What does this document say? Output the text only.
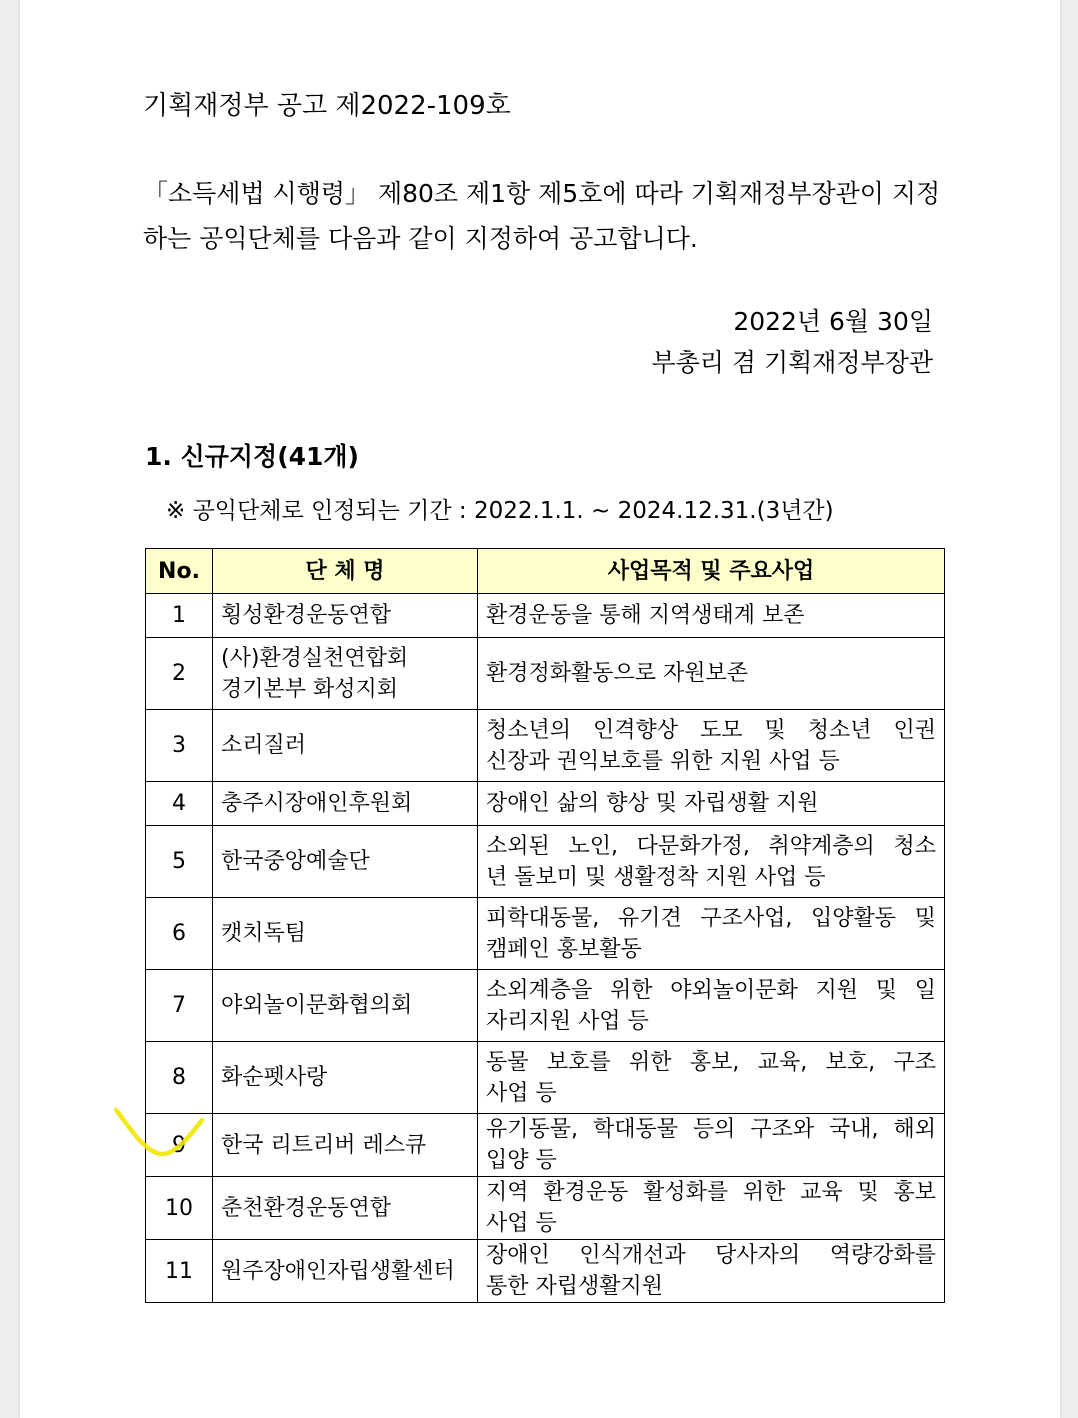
기획재정부 공고 제2022-109호
「소득세법 시행령」 제80조 제1항 제5호에 따라 기획재정부장관이 지정
하는 공익단체를 다음과 같이 지정하여 공고합니다.
2022년 6월 30일
부총리 겸 기획재정부장관
1. 신규지정(41개)
※ 공익단체로 인정되는 기간 : 2022.1.1. ~ 2024.12.31.(3년간)
No.	단 체 명	사업목적 및 주요사업
1	횡성환경운동연합	환경운동을 통해 지역생태계 보존

2	(사)환경실천연합회
경기본부 화성지회	환경정화활동으로 자원보존

3	소리질러	청소년의 인격향상 도모 및 청소년 인권
신장과 권익보호를 위한 지원 사업 등

4	충주시장애인후원회	장애인 삶의 향상 및 자립생활 지원

5	한국중앙예술단	소외된 노인, 다문화가정, 취약계층의 청소
년 돌보미 및 생활정착 지원 사업 등

6	캣치독팀	피학대동물, 유기견 구조사업, 입양활동 및
캠페인 홍보활동

7	야외놀이문화협의회	소외계층을 위한 야외놀이문화 지원 및 일
자리지원 사업 등

8	화순펫사랑	동물 보호를 위한 홍보, 교육, 보호, 구조
사업 등

9	한국 리트리버 레스큐	유기동물, 학대동물 등의 구조와 국내, 해외
입양 등

10	춘천환경운동연합	지역 환경운동 활성화를 위한 교육 및 홍보
사업 등

11	원주장애인자립생활센터	장애인 인식개선과 당사자의 역량강화를
통한 자립생활지원
